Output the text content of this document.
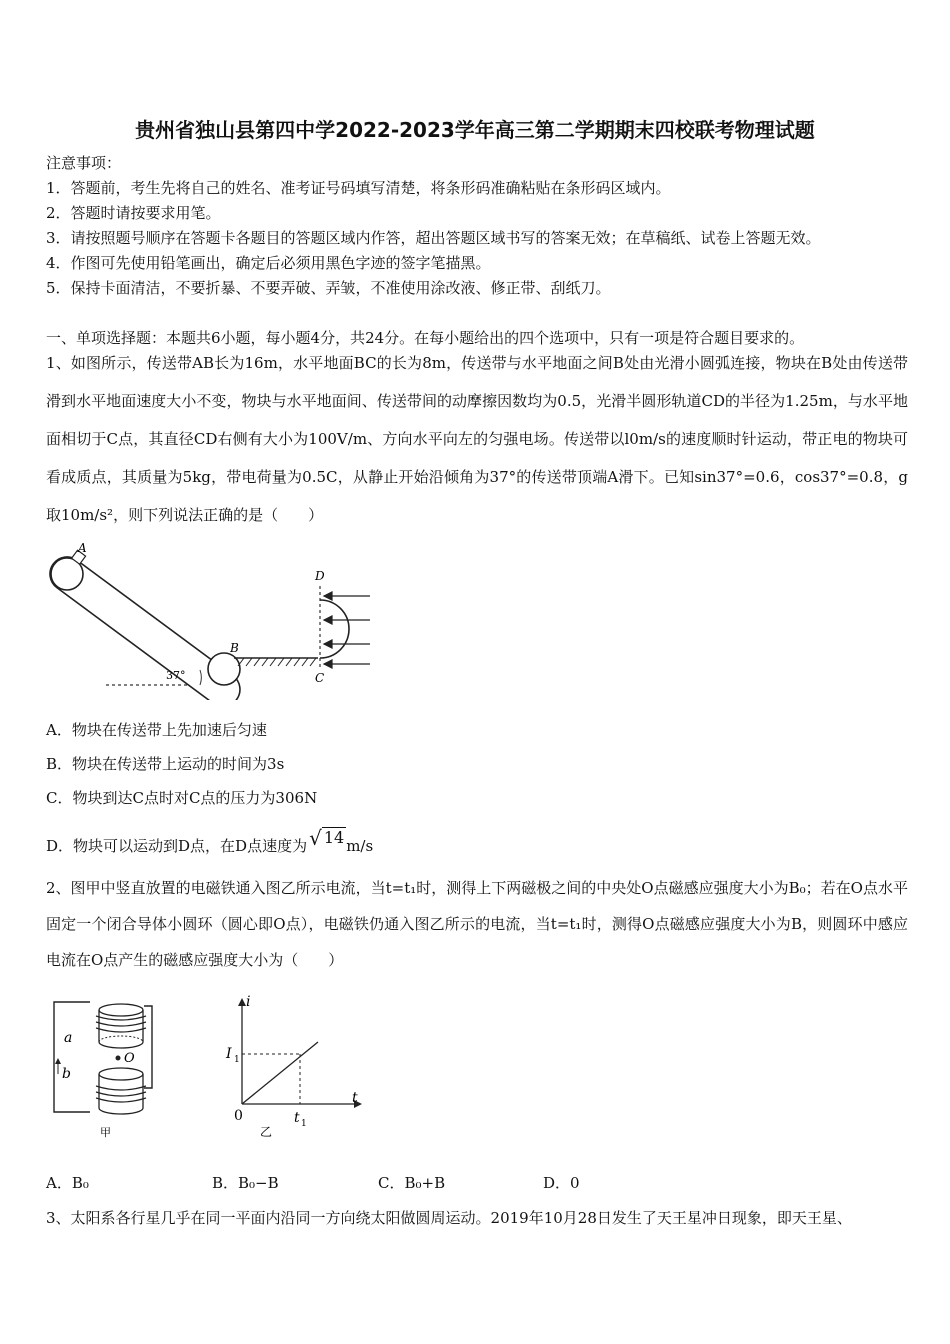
贵州省独山县第四中学2022-2023学年高三第二学期期末四校联考物理试题
注意事项：
1．答题前，考生先将自己的姓名、准考证号码填写清楚，将条形码准确粘贴在条形码区域内。
2．答题时请按要求用笔。
3．请按照题号顺序在答题卡各题目的答题区域内作答，超出答题区域书写的答案无效；在草稿纸、试卷上答题无效。
4．作图可先使用铅笔画出，确定后必须用黑色字迹的签字笔描黑。
5．保持卡面清洁，不要折暴、不要弄破、弄皱，不准使用涂改液、修正带、刮纸刀。
一、单项选择题：本题共6小题，每小题4分，共24分。在每小题给出的四个选项中，只有一项是符合题目要求的。
1、如图所示，传送带AB长为16m，水平地面BC的长为8m，传送带与水平地面之间B处由光滑小圆弧连接，物块在B处由传送带滑到水平地面速度大小不变，物块与水平地面间、传送带间的动摩擦因数均为0.5，光滑半圆形轨道CD的半径为1.25m，与水平地面相切于C点，其直径CD右侧有大小为100V/m、方向水平向左的匀强电场。传送带以l0m/s的速度顺时针运动，带正电的物块可看成质点，其质量为5kg，带电荷量为0.5C，从静止开始沿倾角为37°的传送带顶端A滑下。已知sin37°=0.6，cos37°=0.8，g取10m/s²，则下列说法正确的是（　　）
A
B
C
D
37°
A．物块在传送带上先加速后匀速
B．物块在传送带上运动的时间为3s
C．物块到达C点时对C点的压力为306N
D．物块可以运动到D点，在D点速度为 √ 14 m/s
2、图甲中竖直放置的电磁铁通入图乙所示电流，当t=t₁时，测得上下两磁极之间的中央处O点磁感应强度大小为B₀；若在O点水平固定一个闭合导体小圆环（圆心即O点），电磁铁仍通入图乙所示的电流，当t=t₁时，测得O点磁感应强度大小为B，则圆环中感应电流在O点产生的磁感应强度大小为（　　）
O
a
b
甲
i
t
I 1
t 1
0
乙
A．B₀	B．B₀−B	C．B₀+B	D．0
3、太阳系各行星几乎在同一平面内沿同一方向绕太阳做圆周运动。2019年10月28日发生了天王星冲日现象，即天王星、
